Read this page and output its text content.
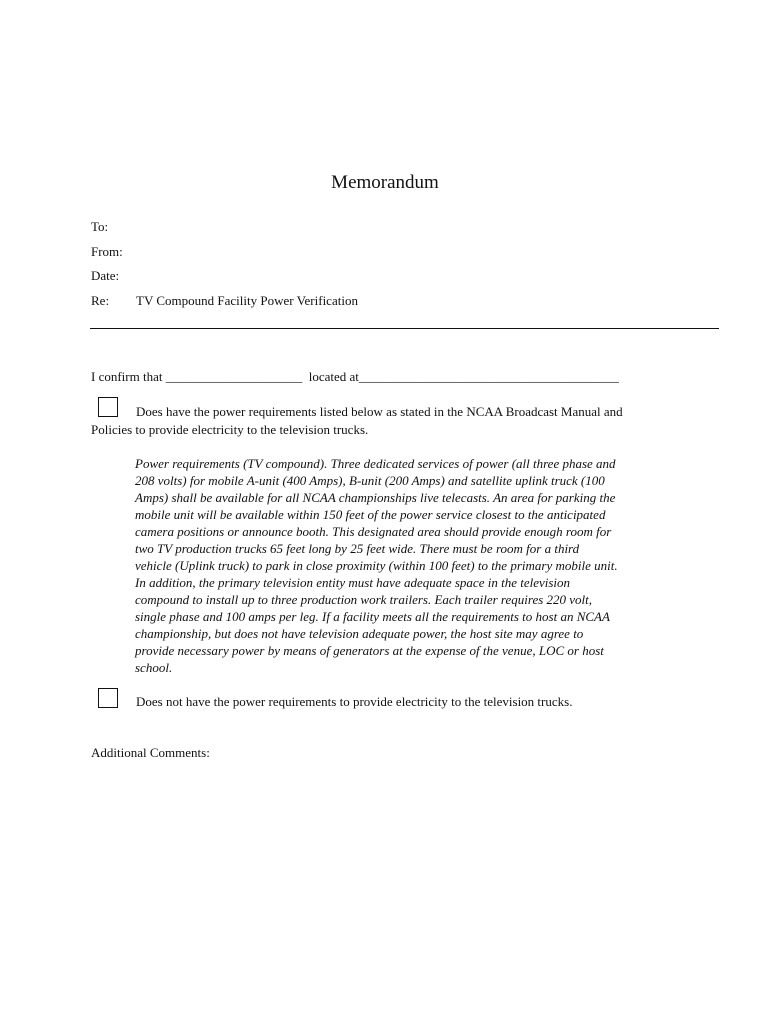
Memorandum
To:
From:
Date:
Re: TV Compound Facility Power Verification
I confirm that _____________________  located at________________________________________
Does have the power requirements listed below as stated in the NCAA Broadcast Manual and
Policies to provide electricity to the television trucks.
Power requirements (TV compound). Three dedicated services of power (all three phase and
208 volts) for mobile A-unit (400 Amps), B-unit (200 Amps) and satellite uplink truck (100
Amps) shall be available for all NCAA championships live telecasts. An area for parking the
mobile unit will be available within 150 feet of the power service closest to the anticipated
camera positions or announce booth. This designated area should provide enough room for
two TV production trucks 65 feet long by 25 feet wide. There must be room for a third
vehicle (Uplink truck) to park in close proximity (within 100 feet) to the primary mobile unit.
In addition, the primary television entity must have adequate space in the television
compound to install up to three production work trailers. Each trailer requires 220 volt,
single phase and 100 amps per leg. If a facility meets all the requirements to host an NCAA
championship, but does not have television adequate power, the host site may agree to
provide necessary power by means of generators at the expense of the venue, LOC or host
school.
Does not have the power requirements to provide electricity to the television trucks.
Additional Comments:
